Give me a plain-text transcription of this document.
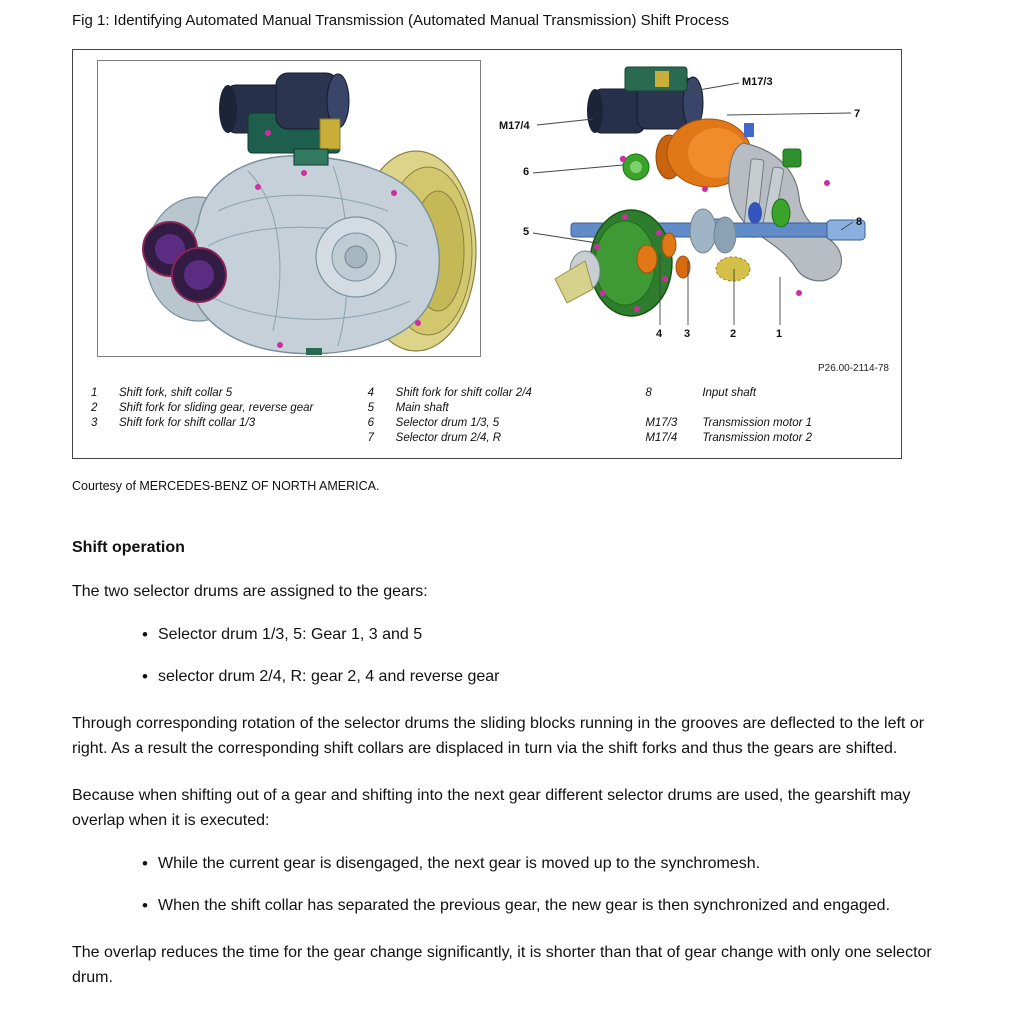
Fig 1: Identifying Automated Manual Transmission (Automated Manual Transmission) Shift Process
M17/3
M17/4
7
6
5
8
4 3	2	1
P26.00-2114-78
1	Shift fork, shift collar 5
2	Shift fork for sliding gear, reverse gear
3	Shift fork for shift collar 1/3
4	Shift fork for shift collar 2/4
5	Main shaft
6	Selector drum 1/3, 5
7	Selector drum 2/4, R
8	Input shaft
M17/3	Transmission motor 1
M17/4	Transmission motor 2
Courtesy of MERCEDES-BENZ OF NORTH AMERICA.
Shift operation

The two selector drums are assigned to the gears:

• Selector drum 1/3, 5: Gear 1, 3 and 5
• selector drum 2/4, R: gear 2, 4 and reverse gear

Through corresponding rotation of the selector drums the sliding blocks running in the grooves are deflected to the left or right. As a result the corresponding shift collars are displaced in turn via the shift forks and thus the gears are shifted.

Because when shifting out of a gear and shifting into the next gear different selector drums are used, the gearshift may overlap when it is executed:

• While the current gear is disengaged, the next gear is moved up to the synchromesh.
• When the shift collar has separated the previous gear, the new gear is then synchronized and engaged.

The overlap reduces the time for the gear change significantly, it is shorter than that of gear change with only one selector drum.
